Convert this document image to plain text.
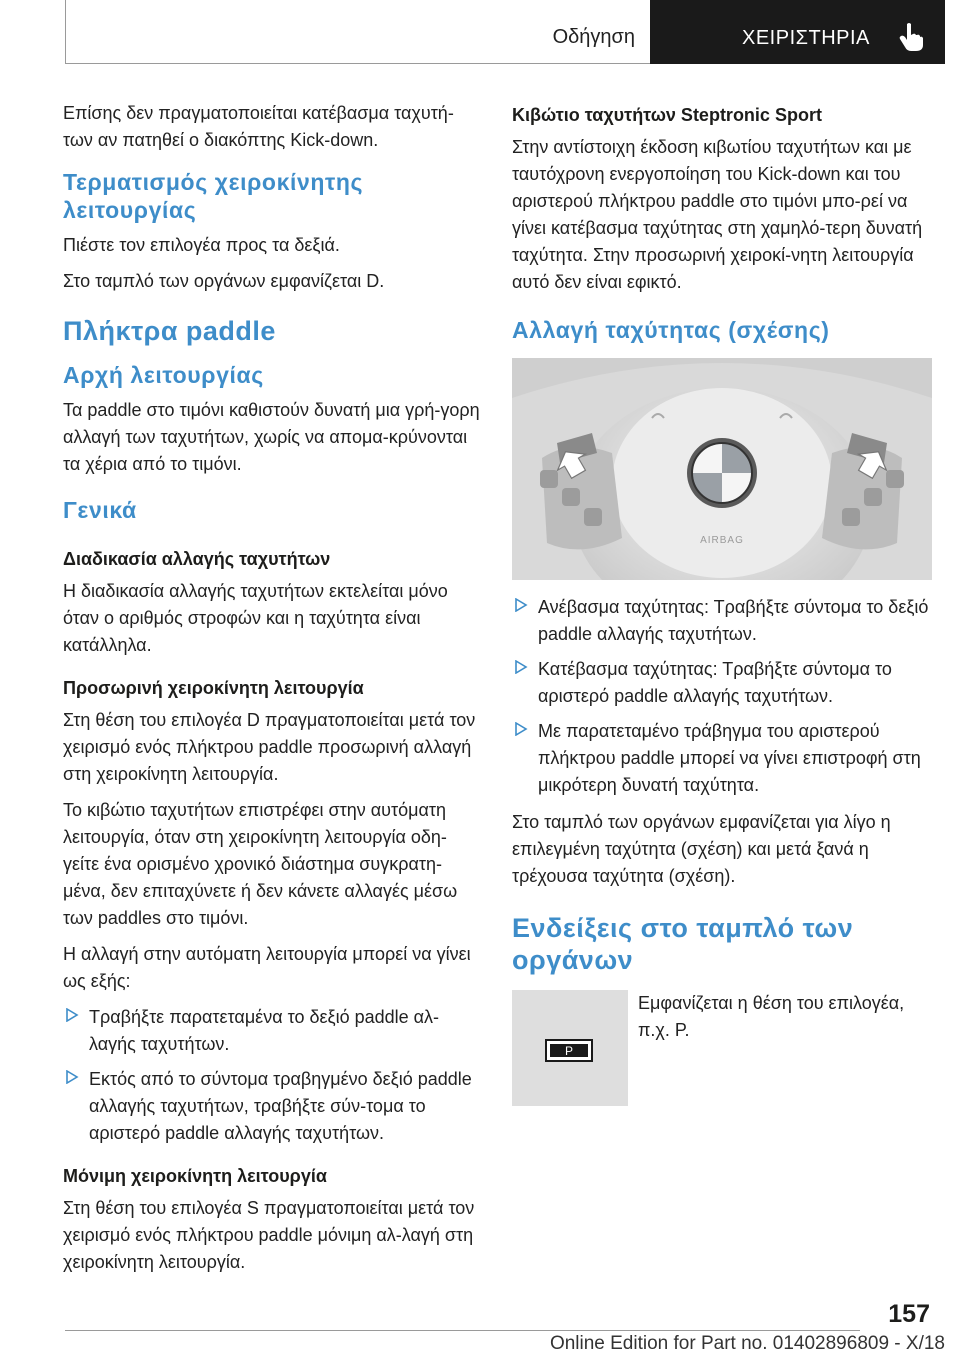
Οδήγηση	ΧΕΙΡΙΣΤΗΡΙΑ

Επίσης δεν πραγματοποιείται κατέβασμα ταχυτή‐των αν πατηθεί ο διακόπτης Kick-down.

Τερματισμός χειροκίνητης λειτουργίας

Πιέστε τον επιλογέα προς τα δεξιά.

Στο ταμπλό των οργάνων εμφανίζεται D.

Πλήκτρα paddle
Αρχή λειτουργίας

Τα paddle στο τιμόνι καθιστούν δυνατή μια γρή‐γορη αλλαγή των ταχυτήτων, χωρίς να απομα‐κρύνονται τα χέρια από το τιμόνι.

Γενικά
Διαδικασία αλλαγής ταχυτήτων

Η διαδικασία αλλαγής ταχυτήτων εκτελείται μόνο όταν ο αριθμός στροφών και η ταχύτητα είναι κατάλληλα.

Προσωρινή χειροκίνητη λειτουργία

Στη θέση του επιλογέα D πραγματοποιείται μετά τον χειρισμό ενός πλήκτρου paddle προσωρινή αλλαγή στη χειροκίνητη λειτουργία.

Το κιβώτιο ταχυτήτων επιστρέφει στην αυτόματη λειτουργία, όταν στη χειροκίνητη λειτουργία οδη‐γείτε ένα ορισμένο χρονικό διάστημα συγκρατη‐μένα, δεν επιταχύνετε ή δεν κάνετε αλλαγές μέσω των paddles στο τιμόνι.

Η αλλαγή στην αυτόματη λειτουργία μπορεί να γίνει ως εξής:

Τραβήξτε παρατεταμένα το δεξιό paddle αλ‐λαγής ταχυτήτων.
Εκτός από το σύντομα τραβηγμένο δεξιό paddle αλλαγής ταχυτήτων, τραβήξτε σύν‐τομα το αριστερό paddle αλλαγής ταχυτήτων.
Μόνιμη χειροκίνητη λειτουργία

Στη θέση του επιλογέα S πραγματοποιείται μετά τον χειρισμό ενός πλήκτρου paddle μόνιμη αλ‐λαγή στη χειροκίνητη λειτουργία.

Κιβώτιο ταχυτήτων Steptronic Sport

Στην αντίστοιχη έκδοση κιβωτίου ταχυτήτων και με ταυτόχρονη ενεργοποίηση του Kick-down και του αριστερού πλήκτρου paddle στο τιμόνι μπο‐ρεί να γίνει κατέβασμα ταχύτητας στη χαμηλό‐τερη δυνατή ταχύτητα. Στην προσωρινή χειροκί‐νητη λειτουργία αυτό δεν είναι εφικτό.

Αλλαγή ταχύτητας (σχέσης)
AIRBAG
Ανέβασμα ταχύτητας: Τραβήξτε σύντομα το δεξιό paddle αλλαγής ταχυτήτων.
Κατέβασμα ταχύτητας: Τραβήξτε σύντομα το αριστερό paddle αλλαγής ταχυτήτων.
Με παρατεταμένο τράβηγμα του αριστερού πλήκτρου paddle μπορεί να γίνει επιστροφή στη μικρότερη δυνατή ταχύτητα.

Στο ταμπλό των οργάνων εμφανίζεται για λίγο η επιλεγμένη ταχύτητα (σχέση) και μετά ξανά η τρέχουσα ταχύτητα (σχέση).

Ενδείξεις στο ταμπλό των οργάνων
P
Εμφανίζεται η θέση του επιλογέα, π.χ. P.
157
Online Edition for Part no. 01402896809 - X/18
